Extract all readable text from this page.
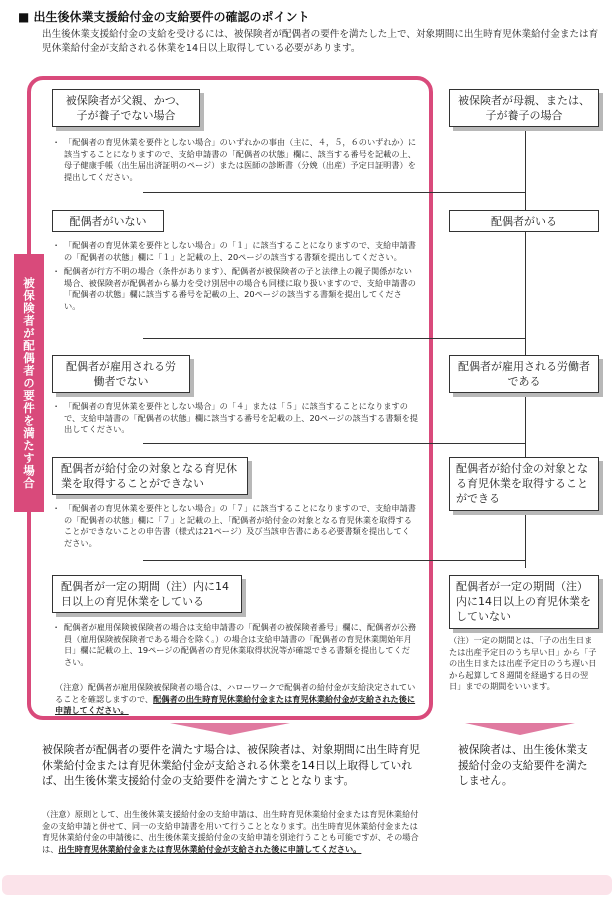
■ 出生後休業支援給付金の支給要件の確認のポイント
出生後休業支援給付金の支給を受けるには、被保険者が配偶者の要件を満たした上で、対象期間に出生時育児休業給付金または育児休業給付金が支給される休業を14日以上取得している必要があります。
被保険者が配偶者の要件を満たす場合
被保険者が父親、かつ、子が養子でない場合
・ 「配偶者の育児休業を要件としない場合」のいずれかの事由（主に、４，５，６のいずれか）に該当することになりますので、支給申請書の「配偶者の状態」欄に、該当する番号を記載の上、母子健康手帳（出生届出済証明のページ）または医師の診断書（分娩（出産）予定日証明書）を提出してください。
配偶者がいない
・ 「配偶者の育児休業を要件としない場合」の「１」に該当することになりますので、支給申請書の「配偶者の状態」欄に「１」と記載の上、20ページの該当する書類を提出してください。
・ 配偶者が行方不明の場合（条件があります）、配偶者が被保険者の子と法律上の親子関係がない場合、被保険者が配偶者から暴力を受け別居中の場合も同様に取り扱いますので、支給申請書の「配偶者の状態」欄に該当する番号を記載の上、20ページの該当する書類を提出してください。
配偶者が雇用される労働者でない
・ 「配偶者の育児休業を要件としない場合」の「４」または「５」に該当することになりますので、支給申請書の「配偶者の状態」欄に該当する番号を記載の上、20ページの該当する書類を提出してください。
配偶者が給付金の対象となる育児休業を取得することができない
・ 「配偶者の育児休業を要件としない場合」の「７」に該当することになりますので、支給申請書の「配偶者の状態」欄に「７」と記載の上、「配偶者が給付金の対象となる育児休業を取得することができないことの申告書（様式は21ページ）及び当該申告書にある必要書類を提出してください。
配偶者が一定の期間（注）内に14日以上の育児休業をしている
・ 配偶者が雇用保険被保険者の場合は支給申請書の「配偶者の被保険者番号」欄に、配偶者が公務員（雇用保険被保険者である場合を除く。）の場合は支給申請書の「配偶者の育児休業開始年月日」欄に記載の上、19ページの配偶者の育児休業取得状況等が確認できる書類を提出してください。
（注意）配偶者が雇用保険被保険者の場合は、ハローワークで配偶者の給付金が支給決定されていることを確認しますので、配偶者の出生時育児休業給付金または育児休業給付金が支給された後に申請してください。
被保険者が母親、または、子が養子の場合
配偶者がいる
配偶者が雇用される労働者である
配偶者が給付金の対象となる育児休業を取得することができる
配偶者が一定の期間（注）内に14日以上の育児休業をしていない
（注）一定の期間とは、「子の出生日または出産予定日のうち早い日」から「子の出生日または出産予定日のうち遅い日から起算して８週間を経過する日の翌日」までの期間をいいます。
被保険者が配偶者の要件を満たす場合は、被保険者は、対象期間に出生時育児休業給付金または育児休業給付金が支給される休業を14日以上取得していれば、出生後休業支援給付金の支給要件を満たすこととなります。
被保険者は、出生後休業支援給付金の支給要件を満たしません。
（注意）原則として、出生後休業支援給付金の支給申請は、出生時育児休業給付金または育児休業給付金の支給申請と併せて、同一の支給申請書を用いて行うこととなります。出生時育児休業給付金または育児休業給付金の申請後に、出生後休業支援給付金の支給申請を別途行うことも可能ですが、その場合は、出生時育児休業給付金または育児休業給付金が支給された後に申請してください。
